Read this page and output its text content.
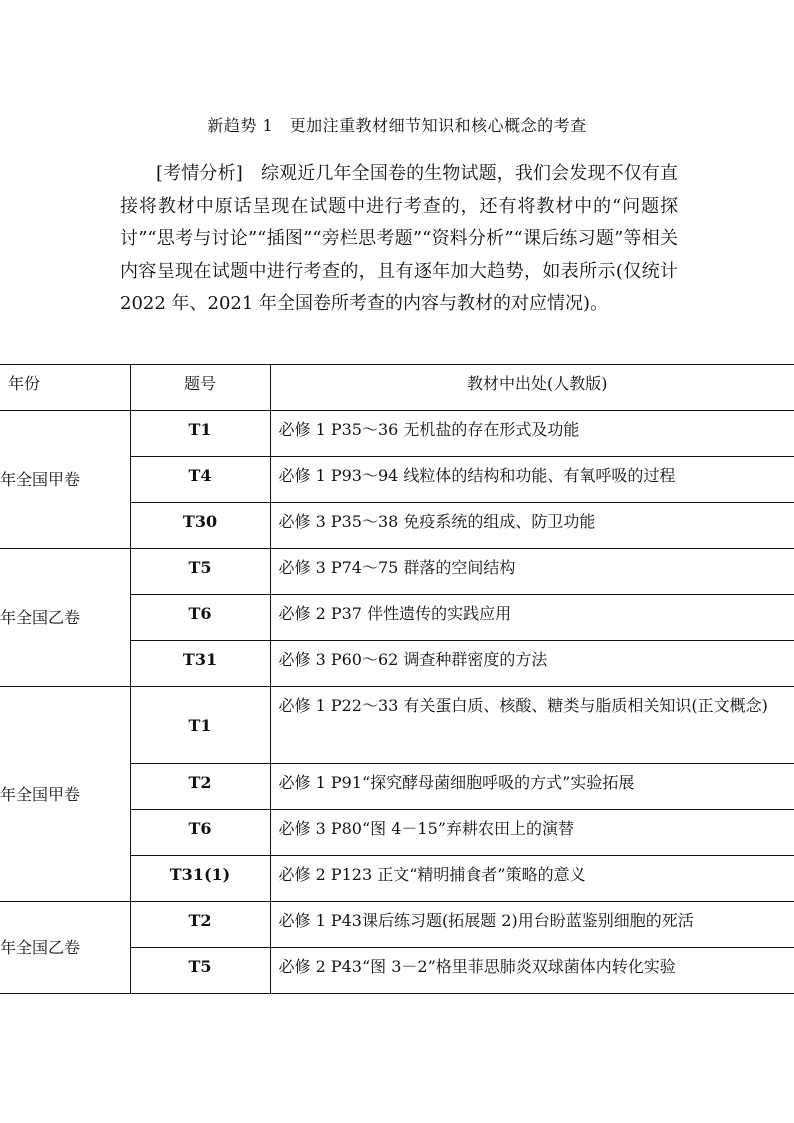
新趋势 1　更加注重教材细节知识和核心概念的考查

[考情分析]　综观近几年全国卷的生物试题，我们会发现不仅有直接将教材中原话呈现在试题中进行考查的，还有将教材中的“问题探讨”“思考与讨论”“插图”“旁栏思考题”“资料分析”“课后练习题”等相关内容呈现在试题中进行考查的，且有逐年加大趋势，如表所示(仅统计 2022 年、2021 年全国卷所考查的内容与教材的对应情况)。

年份	题号	教材中出处(人教版)
年全国甲卷	T1	必修 1 P35～36 无机盐的存在形式及功能
	T4	必修 1 P93～94 线粒体的结构和功能、有氧呼吸的过程
	T30	必修 3 P35～38 免疫系统的组成、防卫功能
年全国乙卷	T5	必修 3 P74～75 群落的空间结构
	T6	必修 2 P37 伴性遗传的实践应用
	T31	必修 3 P60～62 调查种群密度的方法
年全国甲卷	T1	必修 1 P22～33 有关蛋白质、核酸、糖类与脂质相关知识(正文概念)
	T2	必修 1 P91“探究酵母菌细胞呼吸的方式”实验拓展
	T6	必修 3 P80“图 4－15”弃耕农田上的演替
	T31(1)	必修 2 P123 正文“精明捕食者”策略的意义
年全国乙卷	T2	必修 1 P43课后练习题(拓展题 2)用台盼蓝鉴别细胞的死活
	T5	必修 2 P43“图 3－2”格里菲思肺炎双球菌体内转化实验
